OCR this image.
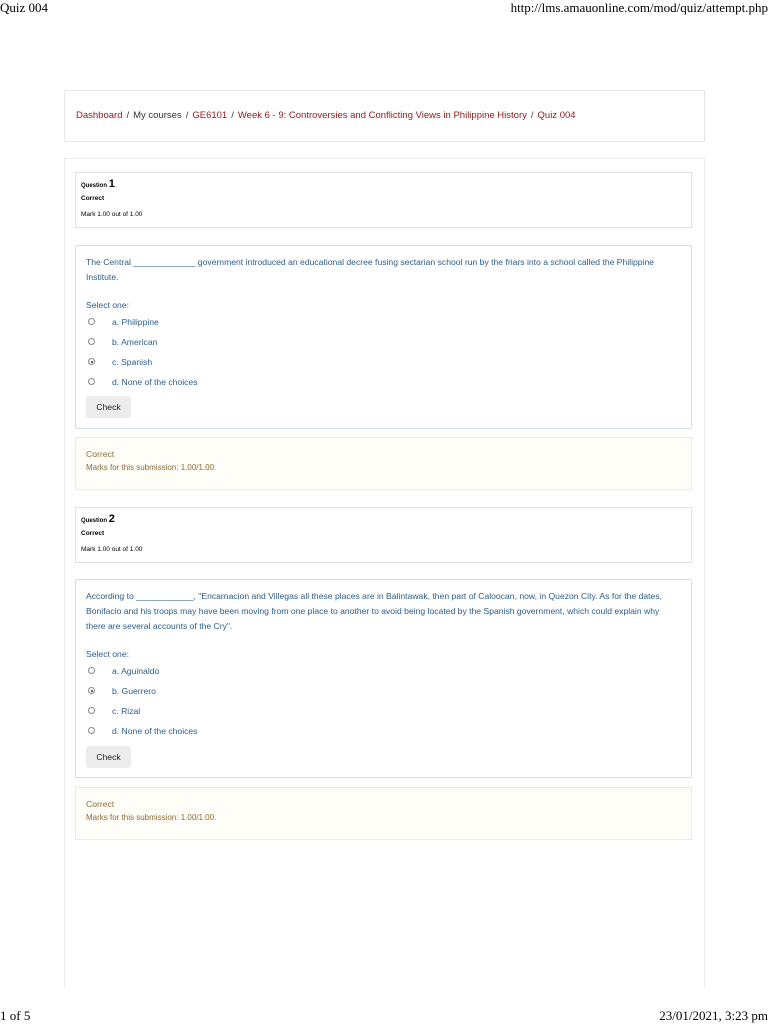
Quiz 004	http://lms.amauonline.com/mod/quiz/attempt.php
Dashboard / My courses / GE6101 / Week 6 - 9: Controversies and Conflicting Views in Philippine History / Quiz 004
Question 1
Correct
Mark 1.00 out of 1.00
The Central _____________ government introduced an educational decree fusing sectarian school run by the friars into a school called the Philippine Institute.
Select one:
a. Philippine
b. American
c. Spanish
d. None of the choices
Check
Correct
Marks for this submission: 1.00/1.00.
Question 2
Correct
Mark 1.00 out of 1.00
According to ____________, "Encarnacion and Villegas all these places are in Balintawak, then part of Caloocan, now, in Quezon City. As for the dates, Bonifacio and his troops may have been moving from one place to another to avoid being located by the Spanish government, which could explain why there are several accounts of the Cry".
Select one:
a. Aguinaldo
b. Guerrero
c. Rizal
d. None of the choices
Check
Correct
Marks for this submission: 1.00/1.00.
1 of 5	23/01/2021, 3:23 pm
